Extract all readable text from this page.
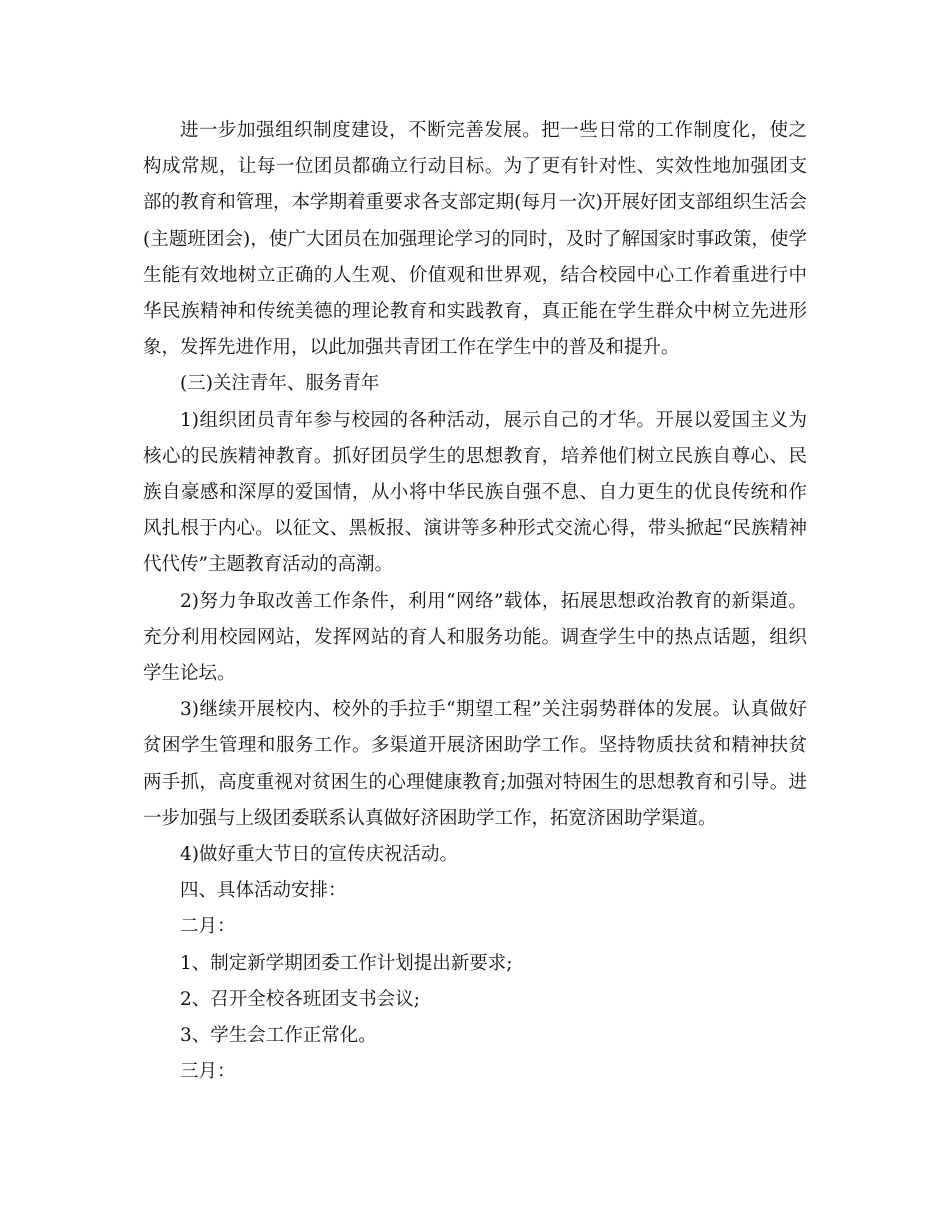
进一步加强组织制度建设，不断完善发展。把一些日常的工作制度化，使之构成常规，让每一位团员都确立行动目标。为了更有针对性、实效性地加强团支部的教育和管理，本学期着重要求各支部定期(每月一次)开展好团支部组织生活会(主题班团会)，使广大团员在加强理论学习的同时，及时了解国家时事政策，使学生能有效地树立正确的人生观、价值观和世界观，结合校园中心工作着重进行中华民族精神和传统美德的理论教育和实践教育，真正能在学生群众中树立先进形象，发挥先进作用，以此加强共青团工作在学生中的普及和提升。

(三)关注青年、服务青年

1)组织团员青年参与校园的各种活动，展示自己的才华。开展以爱国主义为核心的民族精神教育。抓好团员学生的思想教育，培养他们树立民族自尊心、民族自豪感和深厚的爱国情，从小将中华民族自强不息、自力更生的优良传统和作风扎根于内心。以征文、黑板报、演讲等多种形式交流心得，带头掀起“民族精神代代传”主题教育活动的高潮。

2)努力争取改善工作条件，利用“网络”载体，拓展思想政治教育的新渠道。充分利用校园网站，发挥网站的育人和服务功能。调查学生中的热点话题，组织学生论坛。

3)继续开展校内、校外的手拉手“期望工程”关注弱势群体的发展。认真做好贫困学生管理和服务工作。多渠道开展济困助学工作。坚持物质扶贫和精神扶贫两手抓，高度重视对贫困生的心理健康教育;加强对特困生的思想教育和引导。进一步加强与上级团委联系认真做好济困助学工作，拓宽济困助学渠道。

4)做好重大节日的宣传庆祝活动。

四、具体活动安排：

二月：

1、制定新学期团委工作计划提出新要求;

2、召开全校各班团支书会议;

3、学生会工作正常化。

三月：
